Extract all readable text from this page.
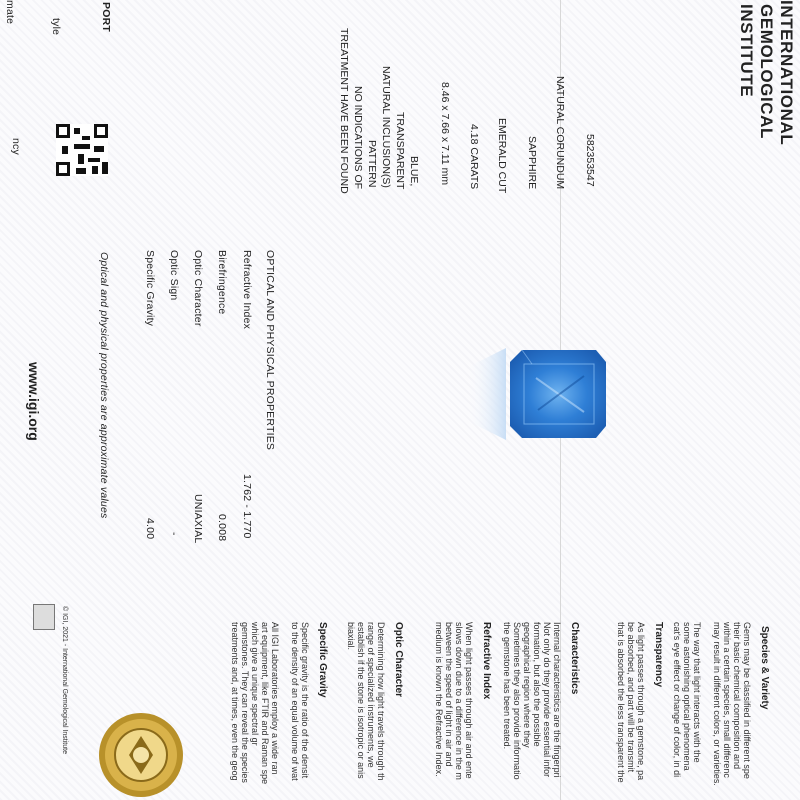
INTERNATIONAL
GEMOLOGICAL
INSTITUTE
PORT
tyle
ncy
mate
582353547
NATURAL CORUNDUM
SAPPHIRE
EMERALD CUT
4.18 CARATS
8.46 x 7.66 x 7.11 mm
BLUE,
TRANSPARENT
NATURAL INCLUSION(S)
PATTERN
NO INDICATIONS OF
TREATMENT HAVE BEEN FOUND
OPTICAL AND PHYSICAL PROPERTIES
Refractive Index
Birefringence
Optic Character
Optic Sign
Specific Gravity
1.762 - 1.770
0.008
UNIAXIAL
-
4.00
Optical and physical properties are approximate values
www.igi.org
Species & Variety
Gems may be classified in different spe
their basic chemical composition and
within a certain species, small differenc
may result in different colors, or varieties.
The way that light interacts with the
some astonishing optical phenomena
cat's eye effect or change of color, in di
Transparency
As light passes through a gemstone, pa
be absorbed, and part will be transmit
that is absorbed the less transparent the
Characteristics
Internal characteristics are the fingerpri
Not only do they provide essential infor
formation, but also the possible
geographical region where they
Sometimes they also provide informatio
the gemstone has been treated.
Refractive Index
When light passes through air and ente
slows down due to a difference in the m
between the speed of light in air and
medium is known the Refractive Index.
Optic Character
Determining how light travels through th
range of specialized instruments, we
establish if the stone is isotropic or anis
biaxial.
Specific Gravity
Specific gravity is the ratio of the densit
to the density of an equal volume of wat
All IGI Laboratories employ a wide ran
art equipment, like FTIR and Raman spe
which give a unique spectral gr
gemstones. They can reveal the species
treatments and, at times, even the geog
© IGI, 2021 - International Gemological Institute
